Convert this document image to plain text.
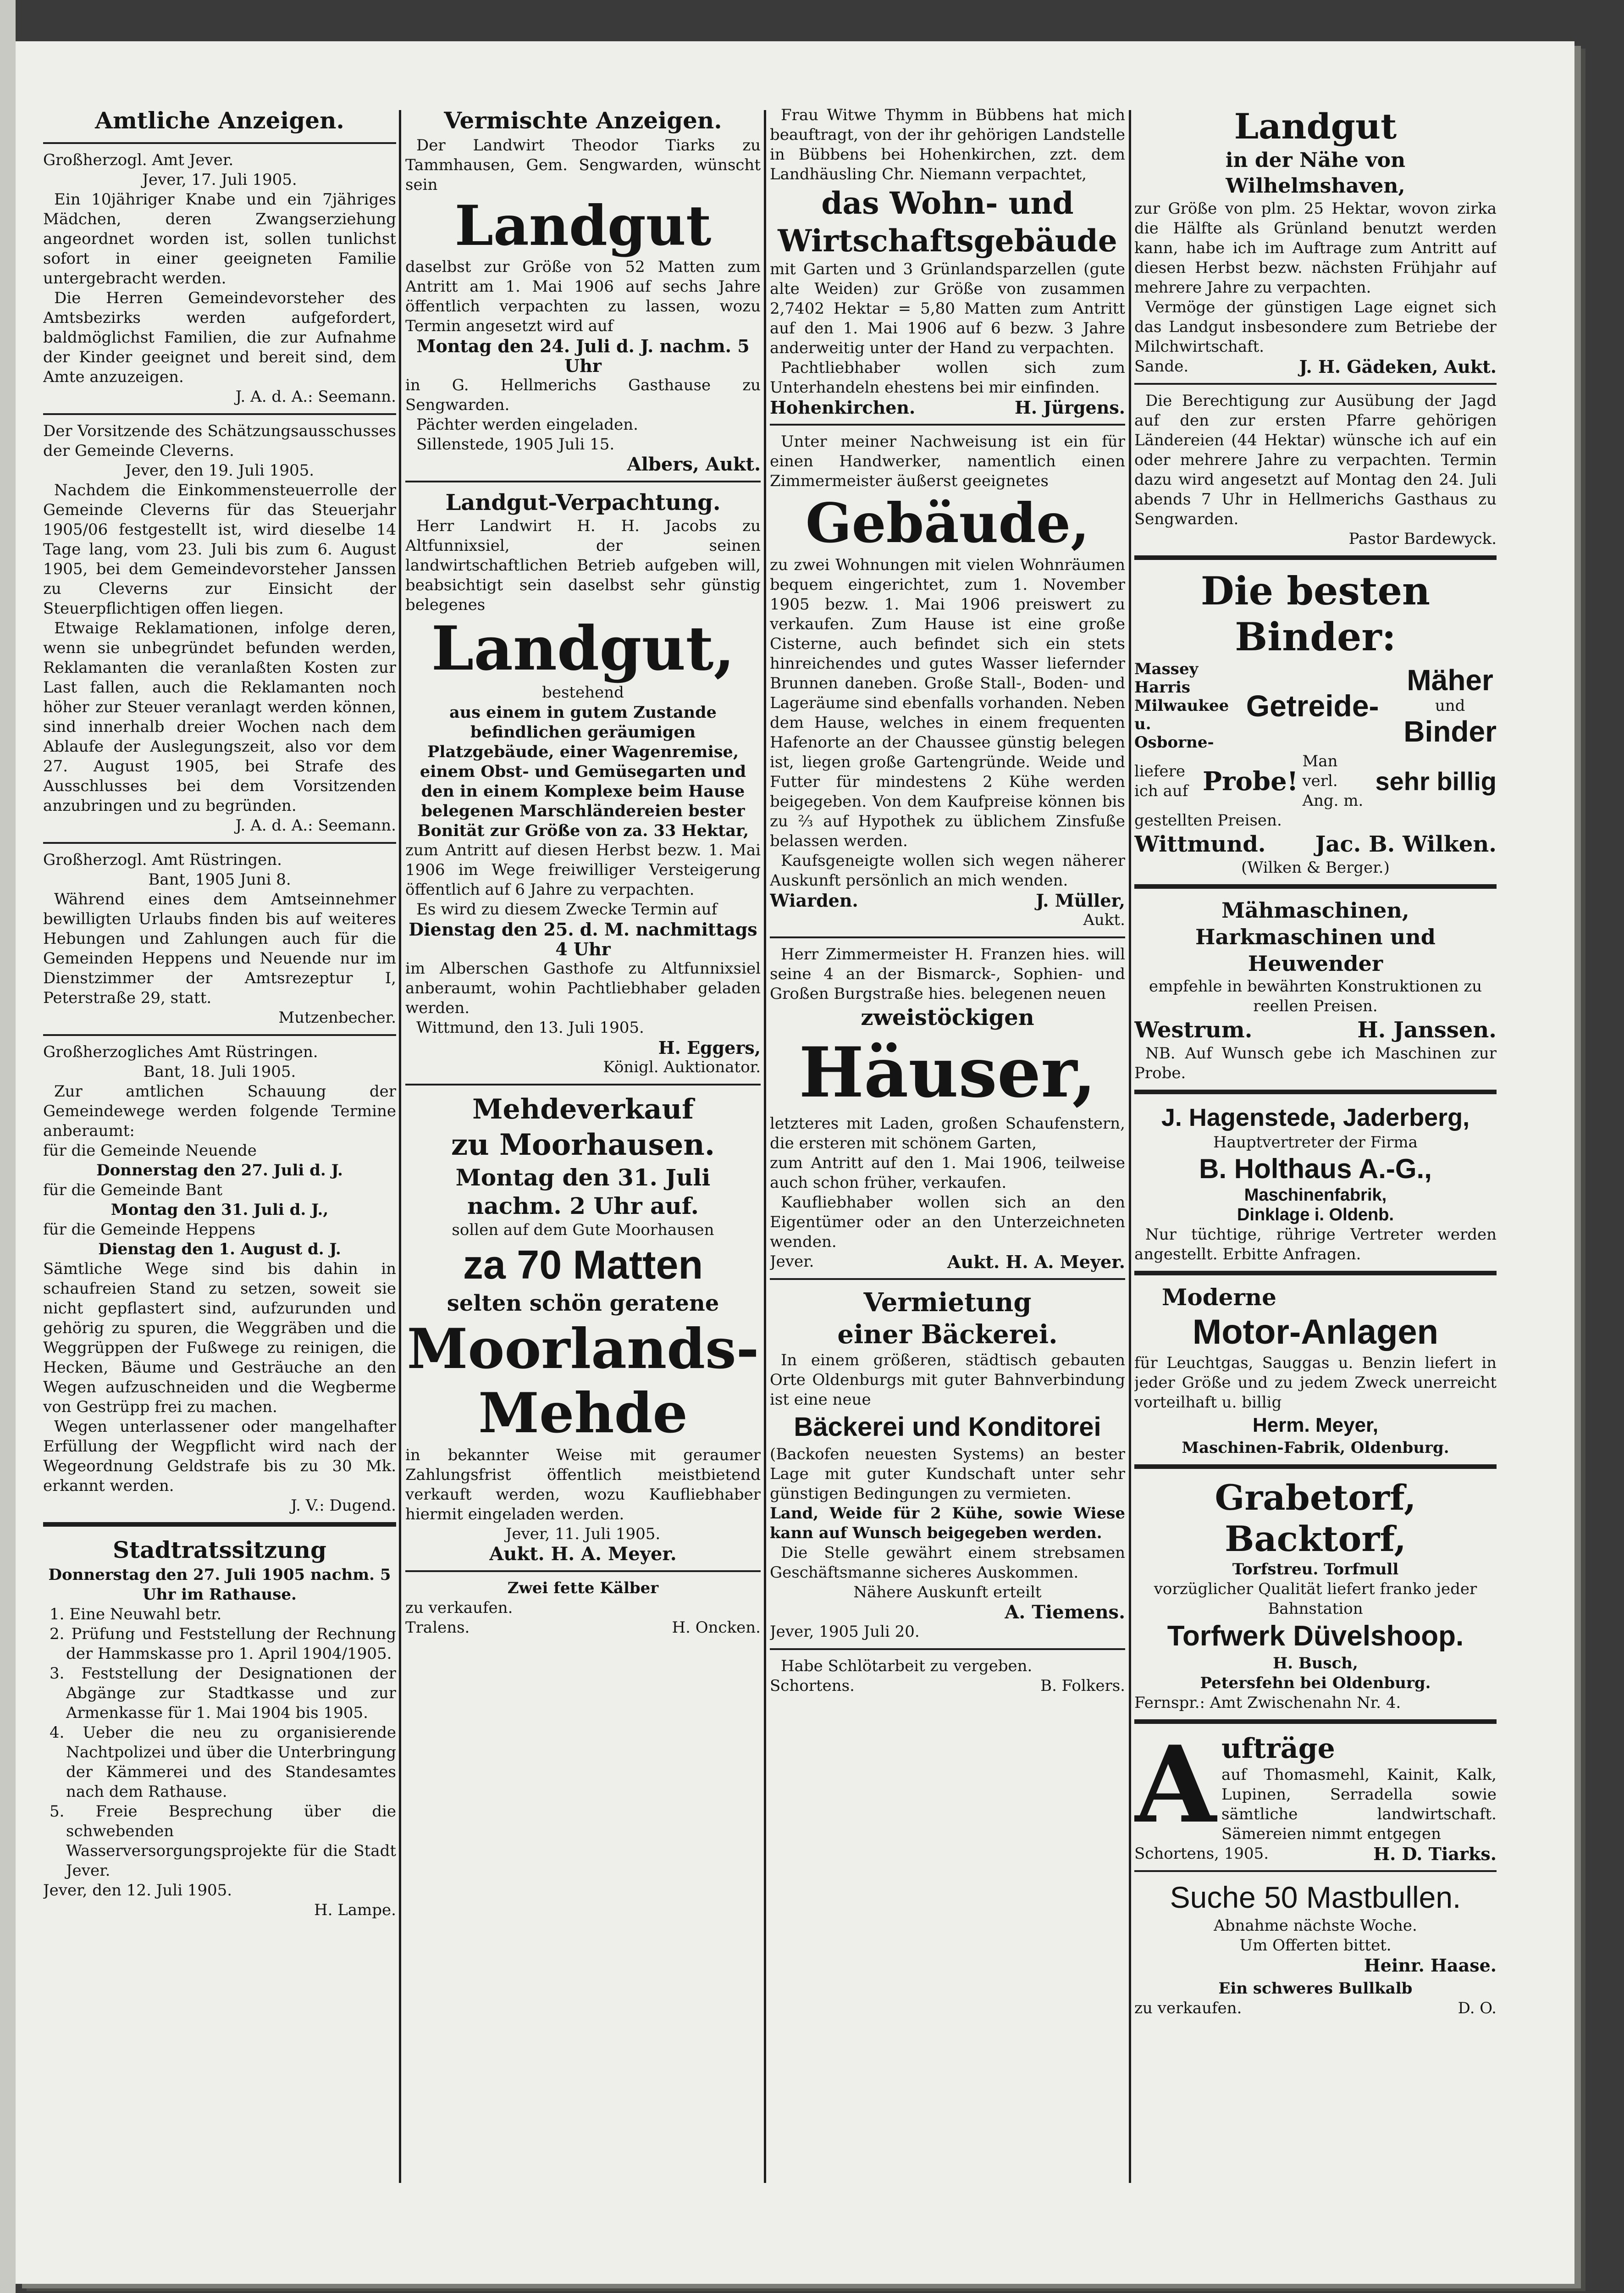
Amtliche Anzeigen.

Großherzogl. Amt Jever.

Jever, 17. Juli 1905.

Ein 10jähriger Knabe und ein 7jähriges Mädchen, deren Zwangserziehung angeordnet worden ist, sollen tunlichst sofort in einer geeigneten Familie untergebracht werden.

Die Herren Gemeindevorsteher des Amtsbezirks werden aufgefordert, baldmöglichst Familien, die zur Aufnahme der Kinder geeignet und bereit sind, dem Amte anzuzeigen.

J. A. d. A.: Seemann.

Der Vorsitzende des Schätzungsausschusses der Gemeinde Cleverns.

Jever, den 19. Juli 1905.

Nachdem die Einkommensteuerrolle der Gemeinde Cleverns für das Steuerjahr 1905/06 festgestellt ist, wird dieselbe 14 Tage lang, vom 23. Juli bis zum 6. August 1905, bei dem Gemeindevorsteher Janssen zu Cleverns zur Einsicht der Steuerpflichtigen offen liegen.

Etwaige Reklamationen, infolge deren, wenn sie unbegründet befunden werden, Reklamanten die veranlaßten Kosten zur Last fallen, auch die Reklamanten noch höher zur Steuer veranlagt werden können, sind innerhalb dreier Wochen nach dem Ablaufe der Auslegungszeit, also vor dem 27. August 1905, bei Strafe des Ausschlusses bei dem Vorsitzenden anzubringen und zu begründen.

J. A. d. A.: Seemann.

Großherzogl. Amt Rüstringen.

Bant, 1905 Juni 8.

Während eines dem Amtseinnehmer bewilligten Urlaubs finden bis auf weiteres Hebungen und Zahlungen auch für die Gemeinden Heppens und Neuende nur im Dienstzimmer der Amtsrezeptur I, Peterstraße 29, statt.

Mutzenbecher.

Großherzogliches Amt Rüstringen.

Bant, 18. Juli 1905.

Zur amtlichen Schauung der Gemeindewege werden folgende Termine anberaumt:

für die Gemeinde Neuende

Donnerstag den 27. Juli d. J.

für die Gemeinde Bant

Montag den 31. Juli d. J.,

für die Gemeinde Heppens

Dienstag den 1. August d. J.

Sämtliche Wege sind bis dahin in schaufreien Stand zu setzen, soweit sie nicht gepflastert sind, aufzurunden und gehörig zu spuren, die Weggräben und die Weggrüppen der Fußwege zu reinigen, die Hecken, Bäume und Gesträuche an den Wegen aufzuschneiden und die Wegberme von Gestrüpp frei zu machen.

Wegen unterlassener oder mangelhafter Erfüllung der Wegpflicht wird nach der Wegeordnung Geldstrafe bis zu 30 Mk. erkannt werden.

J. V.: Dugend.

Stadtratssitzung

Donnerstag den 27. Juli 1905 nachm. 5 Uhr im Rathause.

1. Eine Neuwahl betr.
2. Prüfung und Feststellung der Rechnung der Hammskasse pro 1. April 1904/1905.
3. Feststellung der Designationen der Abgänge zur Stadtkasse und zur Armenkasse für 1. Mai 1904 bis 1905.
4. Ueber die neu zu organisierende Nachtpolizei und über die Unterbringung der Kämmerei und des Standesamtes nach dem Rathause.
5. Freie Besprechung über die schwebenden Wasserversorgungsprojekte für die Stadt Jever.

Jever, den 12. Juli 1905.

H. Lampe.

Vermischte Anzeigen.

Der Landwirt Theodor Tiarks zu Tammhausen, Gem. Sengwarden, wünscht sein

Landgut

daselbst zur Größe von 52 Matten zum Antritt am 1. Mai 1906 auf sechs Jahre öffentlich verpachten zu lassen, wozu Termin angesetzt wird auf

Montag den 24. Juli d. J. nachm. 5 Uhr

in G. Hellmerichs Gasthause zu Sengwarden.

Pächter werden eingeladen.

Sillenstede, 1905 Juli 15.

Albers, Aukt.

Landgut-Verpachtung.

Herr Landwirt H. H. Jacobs zu Altfunnixsiel, der seinen landwirtschaftlichen Betrieb aufgeben will, beabsichtigt sein daselbst sehr günstig belegenes

Landgut,

bestehend

aus einem in gutem Zustande befindlichen geräumigen Platzgebäude, einer Wagenremise, einem Obst- und Gemüsegarten und den in einem Komplexe beim Hause belegenen Marschländereien bester Bonität zur Größe von za. 33 Hektar,

zum Antritt auf diesen Herbst bezw. 1. Mai 1906 im Wege freiwilliger Versteigerung öffentlich auf 6 Jahre zu verpachten.

Es wird zu diesem Zwecke Termin auf

Dienstag den 25. d. M. nachmittags 4 Uhr

im Alberschen Gasthofe zu Altfunnixsiel anberaumt, wohin Pachtliebhaber geladen werden.

Wittmund, den 13. Juli 1905.

H. Eggers,

Königl. Auktionator.

Mehdeverkauf
zu Moorhausen.
Montag den 31. Juli nachm. 2 Uhr auf.

sollen auf dem Gute Moorhausen

za 70 Matten
selten schön geratene
Moorlands-
Mehde

in bekannter Weise mit geraumer Zahlungsfrist öffentlich meistbietend verkauft werden, wozu Kaufliebhaber hiermit eingeladen werden.

Jever, 11. Juli 1905.

Aukt. H. A. Meyer.

Zwei fette Kälber

zu verkaufen.

Tralens.	H. Oncken.

Frau Witwe Thymm in Bübbens hat mich beauftragt, von der ihr gehörigen Landstelle in Bübbens bei Hohenkirchen, zzt. dem Landhäusling Chr. Niemann verpachtet,

das Wohn- und Wirtschaftsgebäude

mit Garten und 3 Grünlandsparzellen (gute alte Weiden) zur Größe von zusammen 2,7402 Hektar = 5,80 Matten zum Antritt auf den 1. Mai 1906 auf 6 bezw. 3 Jahre anderweitig unter der Hand zu verpachten.

Pachtliebhaber wollen sich zum Unterhandeln ehestens bei mir einfinden.

Hohenkirchen.	H. Jürgens.

Unter meiner Nachweisung ist ein für einen Handwerker, namentlich einen Zimmermeister äußerst geeignetes

Gebäude,

zu zwei Wohnungen mit vielen Wohnräumen bequem eingerichtet, zum 1. November 1905 bezw. 1. Mai 1906 preiswert zu verkaufen. Zum Hause ist eine große Cisterne, auch befindet sich ein stets hinreichendes und gutes Wasser liefernder Brunnen daneben. Große Stall-, Boden- und Lageräume sind ebenfalls vorhanden. Neben dem Hause, welches in einem frequenten Hafenorte an der Chaussee günstig belegen ist, liegen große Gartengründe. Weide und Futter für mindestens 2 Kühe werden beigegeben. Von dem Kaufpreise können bis zu ⅔ auf Hypothek zu üblichem Zinsfuße belassen werden.

Kaufsgeneigte wollen sich wegen näherer Auskunft persönlich an mich wenden.

Wiarden.	J. Müller,

Aukt.

Herr Zimmermeister H. Franzen hies. will seine 4 an der Bismarck-, Sophien- und Großen Burgstraße hies. belegenen neuen

zweistöckigen
Häuser,

letzteres mit Laden, großen Schaufenstern, die ersteren mit schönem Garten,

zum Antritt auf den 1. Mai 1906, teilweise auch schon früher, verkaufen.

Kaufliebhaber wollen sich an den Eigentümer oder an den Unterzeichneten wenden.

Jever.	Aukt. H. A. Meyer.
Vermietung
einer Bäckerei.

In einem größeren, städtisch gebauten Orte Oldenburgs mit guter Bahnverbindung ist eine neue

Bäckerei und Konditorei

(Backofen neuesten Systems) an bester Lage mit guter Kundschaft unter sehr günstigen Bedingungen zu vermieten.

Land, Weide für 2 Kühe, sowie Wiese kann auf Wunsch beigegeben werden.

Die Stelle gewährt einem strebsamen Geschäftsmanne sicheres Auskommen.

Nähere Auskunft erteilt

A. Tiemens.

Jever, 1905 Juli 20.

Habe Schlötarbeit zu vergeben.

Schortens.	B. Folkers.
Landgut
in der Nähe von Wilhelmshaven,

zur Größe von plm. 25 Hektar, wovon zirka die Hälfte als Grünland benutzt werden kann, habe ich im Auftrage zum Antritt auf diesen Herbst bezw. nächsten Frühjahr auf mehrere Jahre zu verpachten.

Vermöge der günstigen Lage eignet sich das Landgut insbesondere zum Betriebe der Milchwirtschaft.

Sande.	J. H. Gädeken, Aukt.

Die Berechtigung zur Ausübung der Jagd auf den zur ersten Pfarre gehörigen Ländereien (44 Hektar) wünsche ich auf ein oder mehrere Jahre zu verpachten. Termin dazu wird angesetzt auf Montag den 24. Juli abends 7 Uhr in Hellmerichs Gasthaus zu Sengwarden.

Pastor Bardewyck.

Die besten Binder:

Massey Harris Milwaukee u. Osborne-

Getreide-
Mäher
und
Binder

liefere ich auf Probe!

Man verl. Ang. m.

sehr billig

gestellten Preisen.

Wittmund. Jac. B. Wilken.

(Wilken & Berger.)

Mähmaschinen, Harkmaschinen und Heuwender

empfehle in bewährten Konstruktionen zu reellen Preisen.

Westrum.	H. Janssen.

NB. Auf Wunsch gebe ich Maschinen zur Probe.

J. Hagenstede, Jaderberg,

Hauptvertreter der Firma

B. Holthaus A.-G.,

Maschinenfabrik,

Dinklage i. Oldenb.

Nur tüchtige, rührige Vertreter werden angestellt. Erbitte Anfragen.

Moderne
Motor-Anlagen

für Leuchtgas, Sauggas u. Benzin liefert in jeder Größe und zu jedem Zweck unerreicht vorteilhaft u. billig

Herm. Meyer,

Maschinen-Fabrik, Oldenburg.

Grabetorf,
Backtorf,

Torfstreu. Torfmull

vorzüglicher Qualität liefert franko jeder Bahnstation

Torfwerk Düvelshoop.

H. Busch,

Petersfehn bei Oldenburg.

Fernspr.: Amt Zwischenahn Nr. 4.

A ufträge

auf Thomasmehl, Kainit, Kalk, Lupinen, Serradella sowie sämtliche landwirtschaft. Sämereien nimmt entgegen

Schortens, 1905.	H. D. Tiarks.
Suche 50 Mastbullen.

Abnahme nächste Woche.

Um Offerten bittet.

Heinr. Haase.

Ein schweres Bullkalb

zu verkaufen.	D. O.
